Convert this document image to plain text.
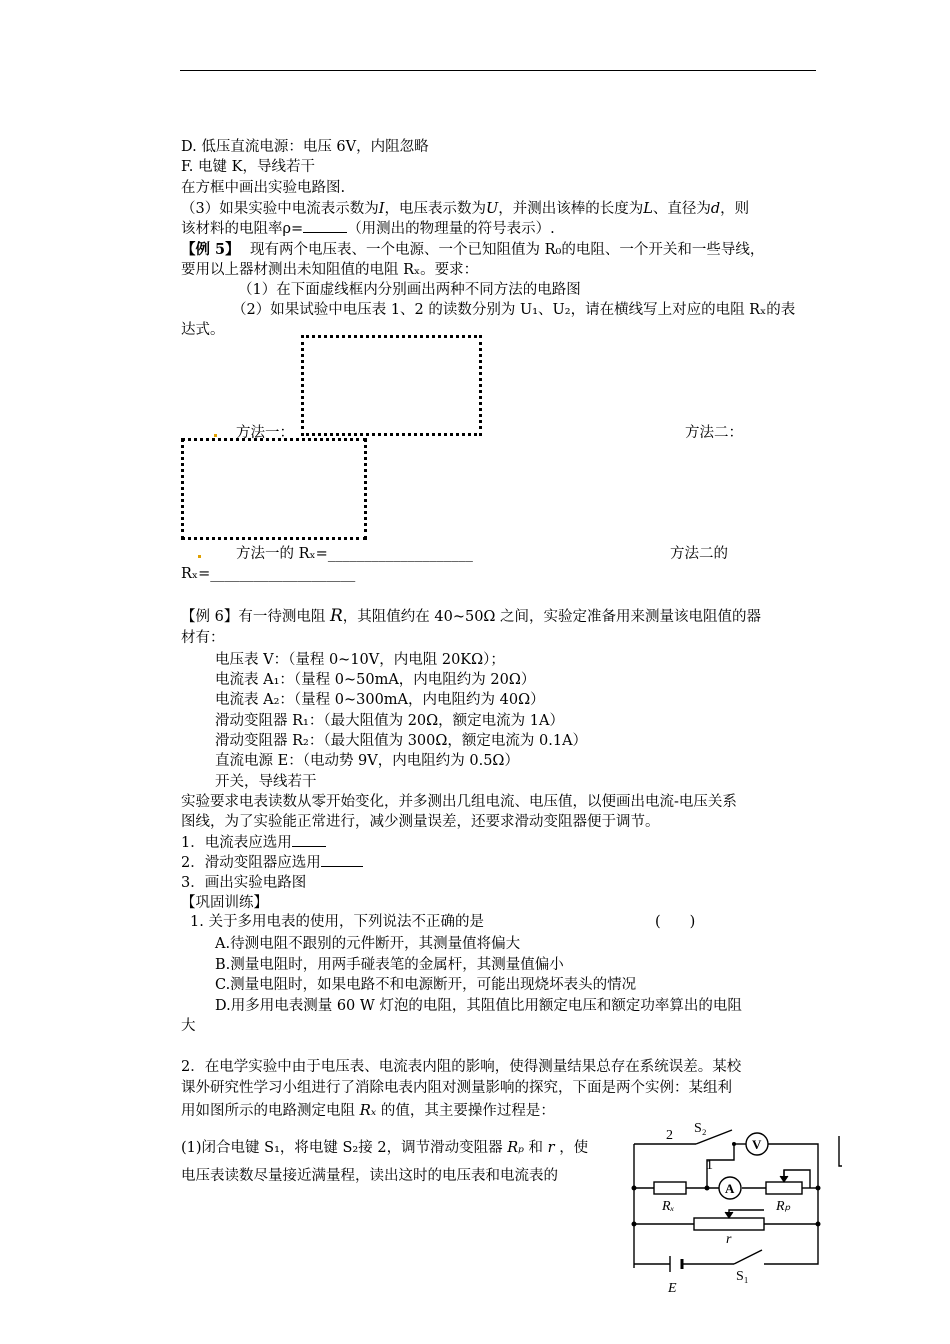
D. 低压直流电源：电压 6V，内阻忽略
F. 电键 K，导线若干
在方框中画出实验电路图.
（3）如果实验中电流表示数为I，电压表示数为U，并测出该棒的长度为L、直径为d，则
该材料的电阻率ρ=	（用测出的物理量的符号表示）.
【例 5】 现有两个电压表、一个电源、一个已知阻值为 R₀的电阻、一个开关和一些导线，
要用以上器材测出未知阻值的电阻 Rₓ。要求：
（1）在下面虚线框内分别画出两种不同方法的电路图
（2）如果试验中电压表 1、2 的读数分别为 U₁、U₂，请在横线写上对应的电阻 Rₓ的表
达式。
方法一：	方法二：
方法一的 Rₓ=____________________	方法二的
Rₓ=____________________
【例 6】有一待测电阻 R，其阻值约在 40~50Ω 之间，实验定准备用来测量该电阻值的器
材有：
电压表 V：（量程 0~10V，内电阻 20KΩ）；
电流表 A₁：（量程 0~50mA，内电阻约为 20Ω）
电流表 A₂：（量程 0~300mA，内电阻约为 40Ω）
滑动变阻器 R₁：（最大阻值为 20Ω，额定电流为 1A）
滑动变阻器 R₂：（最大阻值为 300Ω，额定电流为 0.1A）
直流电源 E：（电动势 9V，内电阻约为 0.5Ω）
开关，导线若干
实验要求电表读数从零开始变化，并多测出几组电流、电压值，以便画出电流-电压关系
图线，为了实验能正常进行，减少测量误差，还要求滑动变阻器便于调节。
1．电流表应选用
2．滑动变阻器应选用
3．画出实验电路图
【巩固训练】
1. 关于多用电表的使用，下列说法不正确的是	(　　)
A.待测电阻不跟别的元件断开，其测量值将偏大
B.测量电阻时，用两手碰表笔的金属杆，其测量值偏小
C.测量电阻时，如果电路不和电源断开，可能出现烧坏表头的情况
D.用多用电表测量 60 W 灯泡的电阻，其阻值比用额定电压和额定功率算出的电阻
大
2．在电学实验中由于电压表、电流表内阻的影响，使得测量结果总存在系统误差。某校
课外研究性学习小组进行了消除电表内阻对测量影响的探究，下面是两个实例：某组利
用如图所示的电路测定电阻 Rₓ 的值，其主要操作过程是：
(1)闭合电键 S₁，将电键 S₂接 2，调节滑动变阻器 Rₚ 和 r ，使
电压表读数尽量接近满量程，读出这时的电压表和电流表的
V
A
2 S₂
1
Rₓ	Rₚ
r
E
S₁
